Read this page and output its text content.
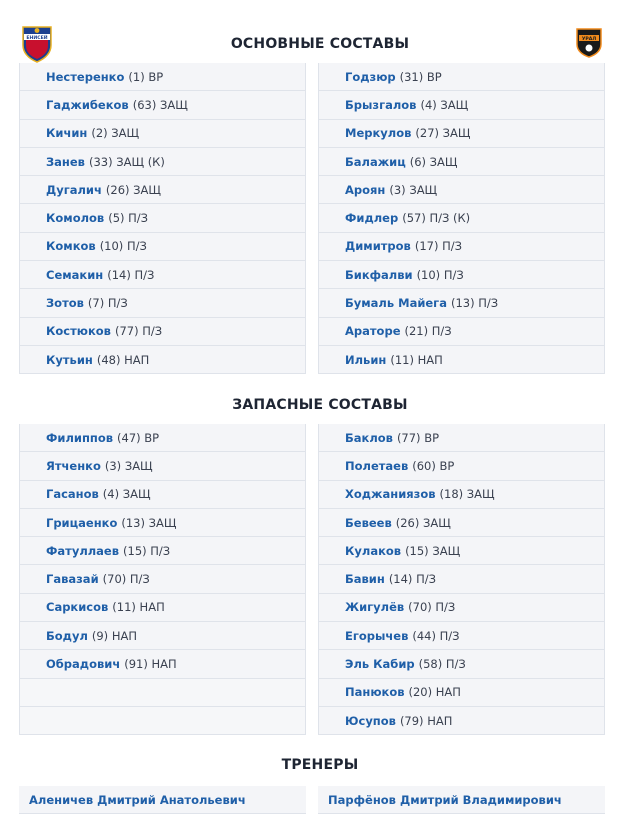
ЕНИСЕЙ	УРАЛ
ОСНОВНЫЕ СОСТАВЫ
Нестеренко (1) ВР
Гаджибеков (63) ЗАЩ
Кичин (2) ЗАЩ
Занев (33) ЗАЩ (К)
Дугалич (26) ЗАЩ
Комолов (5) П/З
Комков (10) П/З
Семакин (14) П/З
Зотов (7) П/З
Костюков (77) П/З
Кутьин (48) НАП
Годзюр (31) ВР
Брызгалов (4) ЗАЩ
Меркулов (27) ЗАЩ
Балажиц (6) ЗАЩ
Ароян (3) ЗАЩ
Фидлер (57) П/З (К)
Димитров (17) П/З
Бикфалви (10) П/З
Бумаль Майега (13) П/З
Араторе (21) П/З
Ильин (11) НАП
ЗАПАСНЫЕ СОСТАВЫ
Филиппов (47) ВР
Ятченко (3) ЗАЩ
Гасанов (4) ЗАЩ
Грицаенко (13) ЗАЩ
Фатуллаев (15) П/З
Гавазай (70) П/З
Саркисов (11) НАП
Бодул (9) НАП
Обрадович (91) НАП
Баклов (77) ВР
Полетаев (60) ВР
Ходжаниязов (18) ЗАЩ
Бевеев (26) ЗАЩ
Кулаков (15) ЗАЩ
Бавин (14) П/З
Жигулёв (70) П/З
Егорычев (44) П/З
Эль Кабир (58) П/З
Панюков (20) НАП
Юсупов (79) НАП
ТРЕНЕРЫ
Аленичев Дмитрий Анатольевич	Парфёнов Дмитрий Владимирович
